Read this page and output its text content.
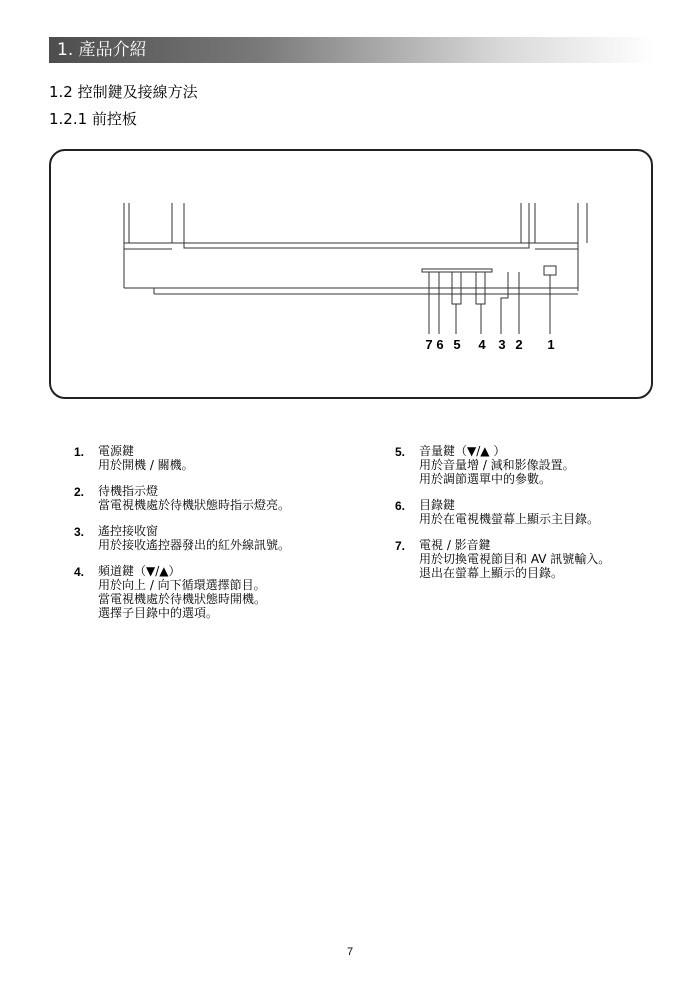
1. 產品介紹
1.2 控制鍵及接線方法
1.2.1 前控板
7 6 5 4 3 2 1
1. 電源鍵
用於開機 / 關機。
2. 待機指示燈
當電視機處於待機狀態時指示燈亮。
3. 遙控接收窗
用於接收遙控器發出的紅外線訊號。
4. 頻道鍵（▼/▲）
用於向上 / 向下循環選擇節目。
當電視機處於待機狀態時開機。
選擇子目錄中的選項。
5. 音量鍵（▼/▲ ）
用於音量增 / 減和影像設置。
用於調節選單中的參數。
6. 目錄鍵
用於在電視機螢幕上顯示主目錄。
7. 電視 / 影音鍵
用於切換電視節目和 AV 訊號輸入。
退出在螢幕上顯示的目錄。
7
